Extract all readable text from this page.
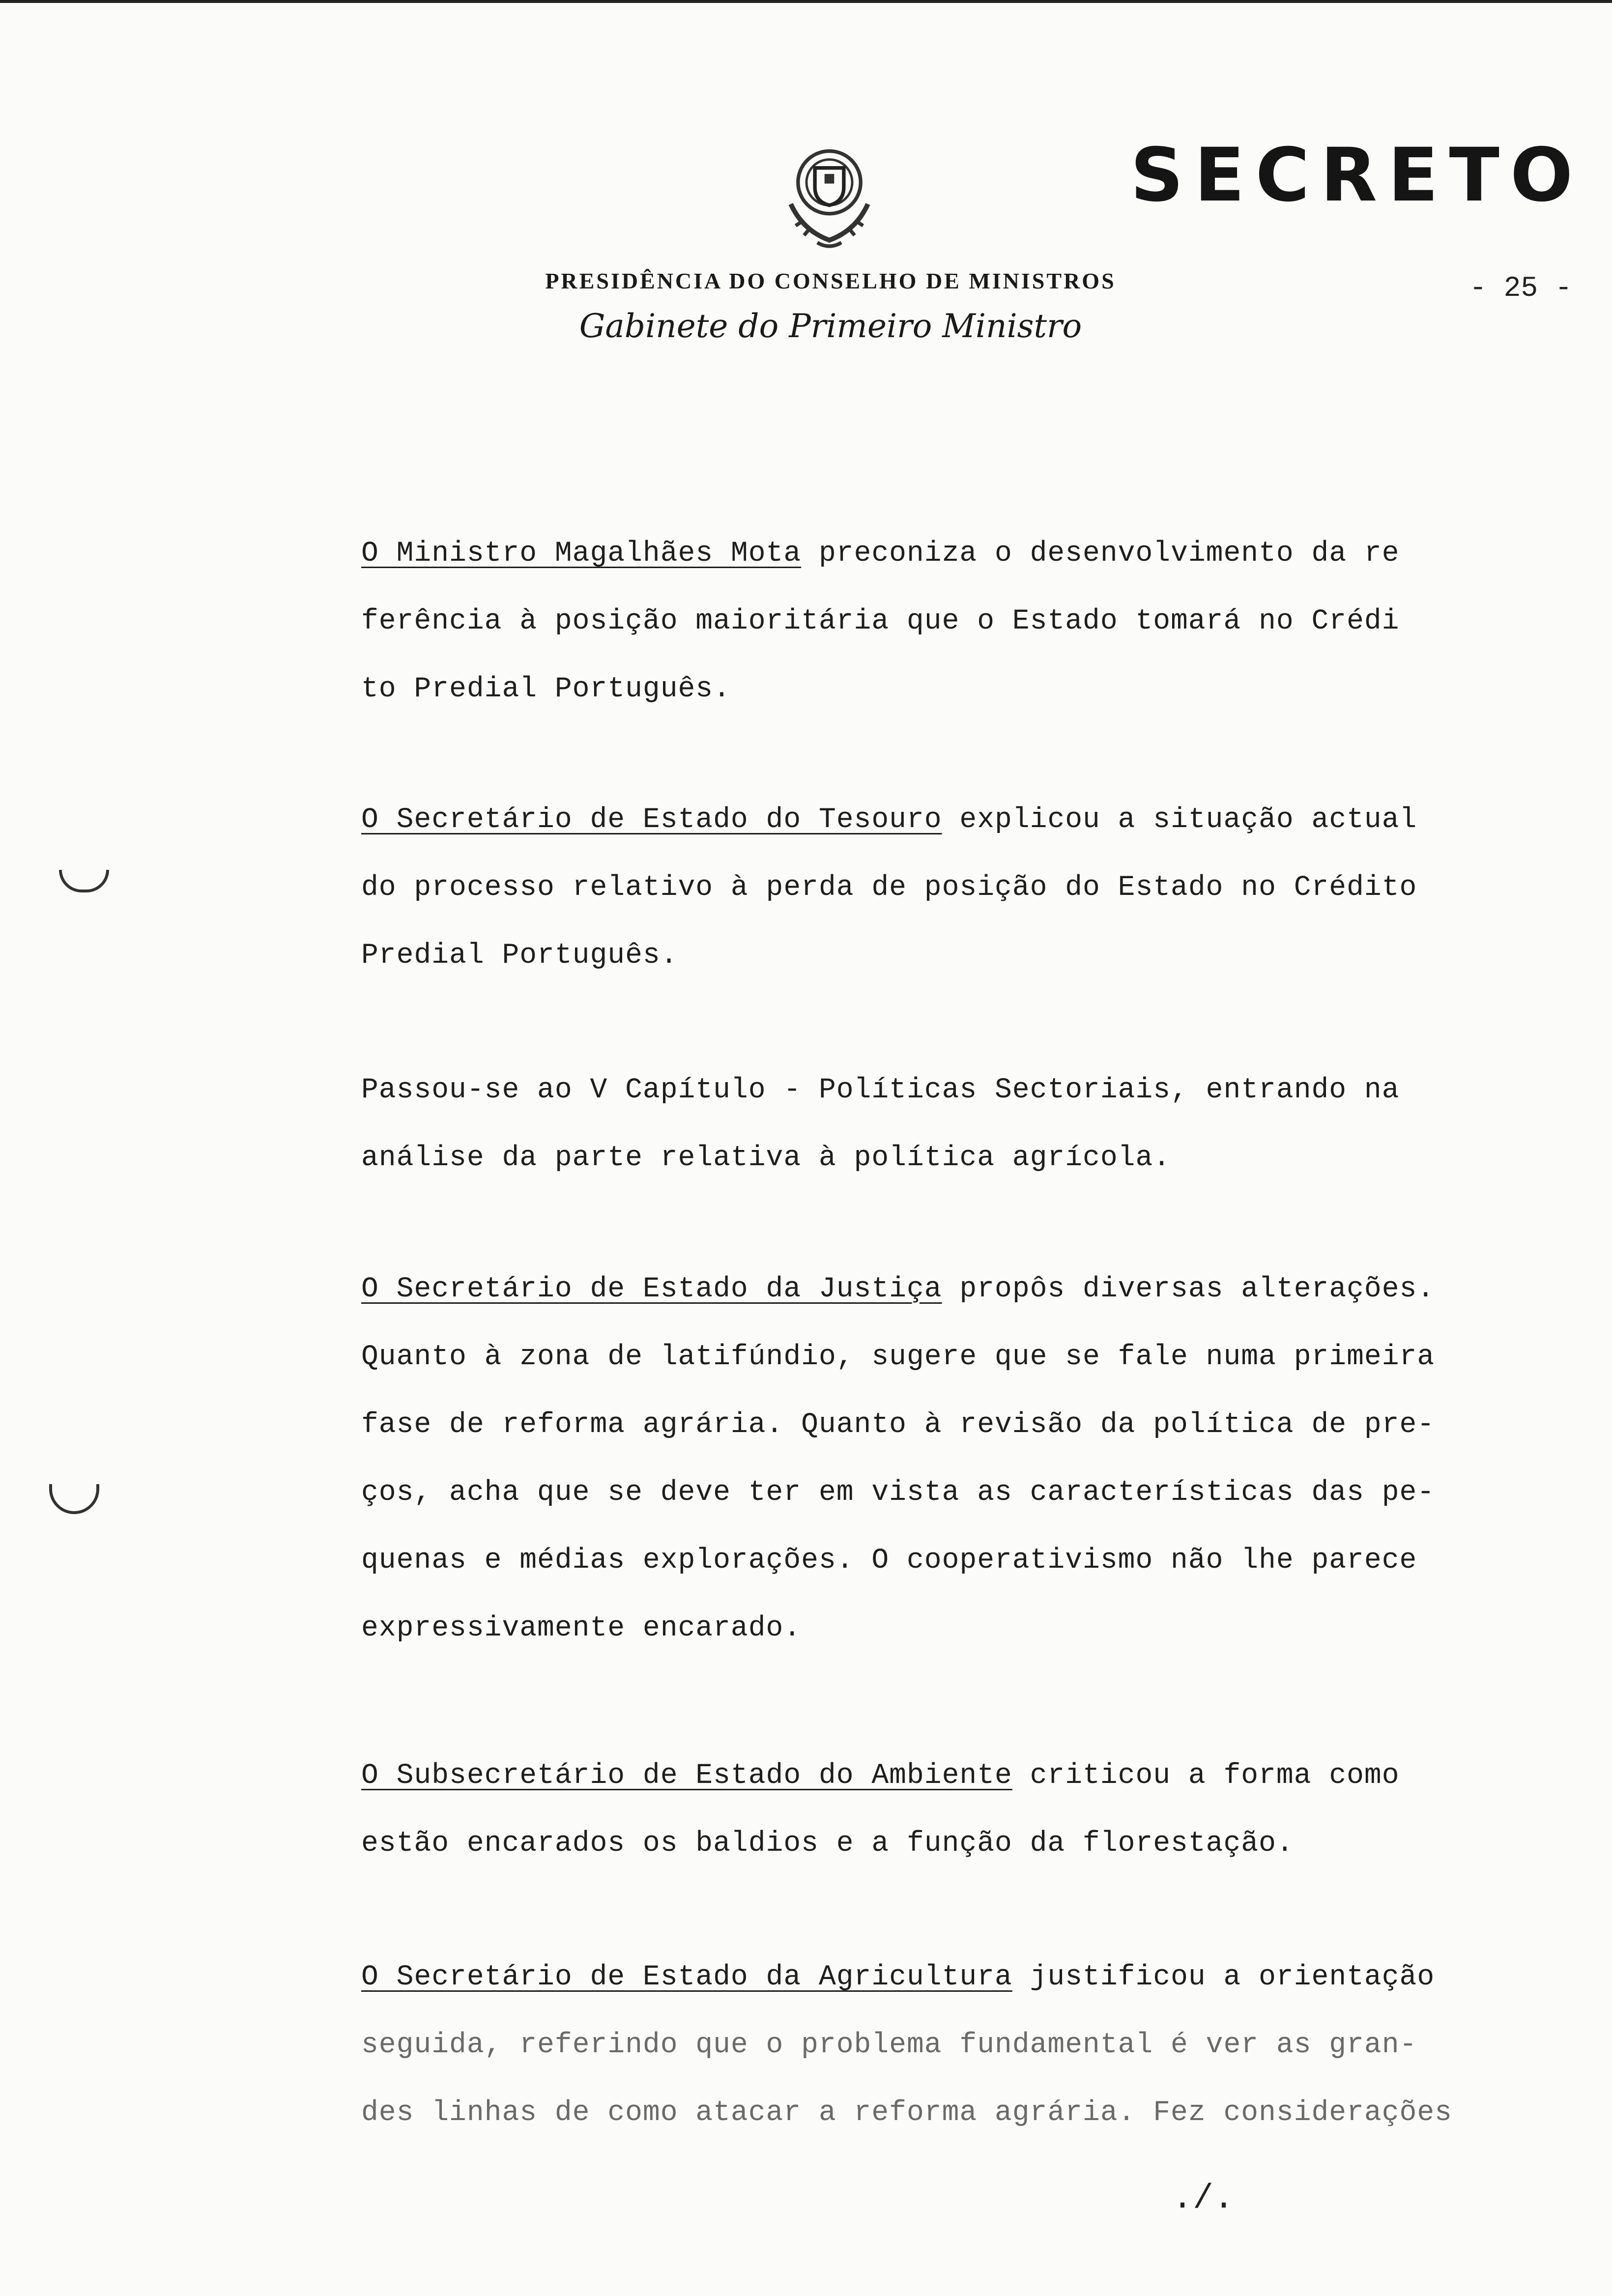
SECRETO
PRESIDÊNCIA DO CONSELHO DE MINISTROS
Gabinete do Primeiro Ministro
- 25 -
O Ministro Magalhães Mota preconiza o desenvolvimento da re
ferência à posição maioritária que o Estado tomará no Crédi
to Predial Português.
O Secretário de Estado do Tesouro explicou a situação actual
do processo relativo à perda de posição do Estado no Crédito
Predial Português.
Passou-se ao V Capítulo - Políticas Sectoriais, entrando na
análise da parte relativa à política agrícola.
O Secretário de Estado da Justiça propôs diversas alterações.
Quanto à zona de latifúndio, sugere que se fale numa primeira
fase de reforma agrária. Quanto à revisão da política de pre-
ços, acha que se deve ter em vista as características das pe-
quenas e médias explorações. O cooperativismo não lhe parece
expressivamente encarado.
O Subsecretário de Estado do Ambiente criticou a forma como
estão encarados os baldios e a função da florestação.
O Secretário de Estado da Agricultura justificou a orientação
seguida, referindo que o problema fundamental é ver as gran-
des linhas de como atacar a reforma agrária. Fez considerações
./.
